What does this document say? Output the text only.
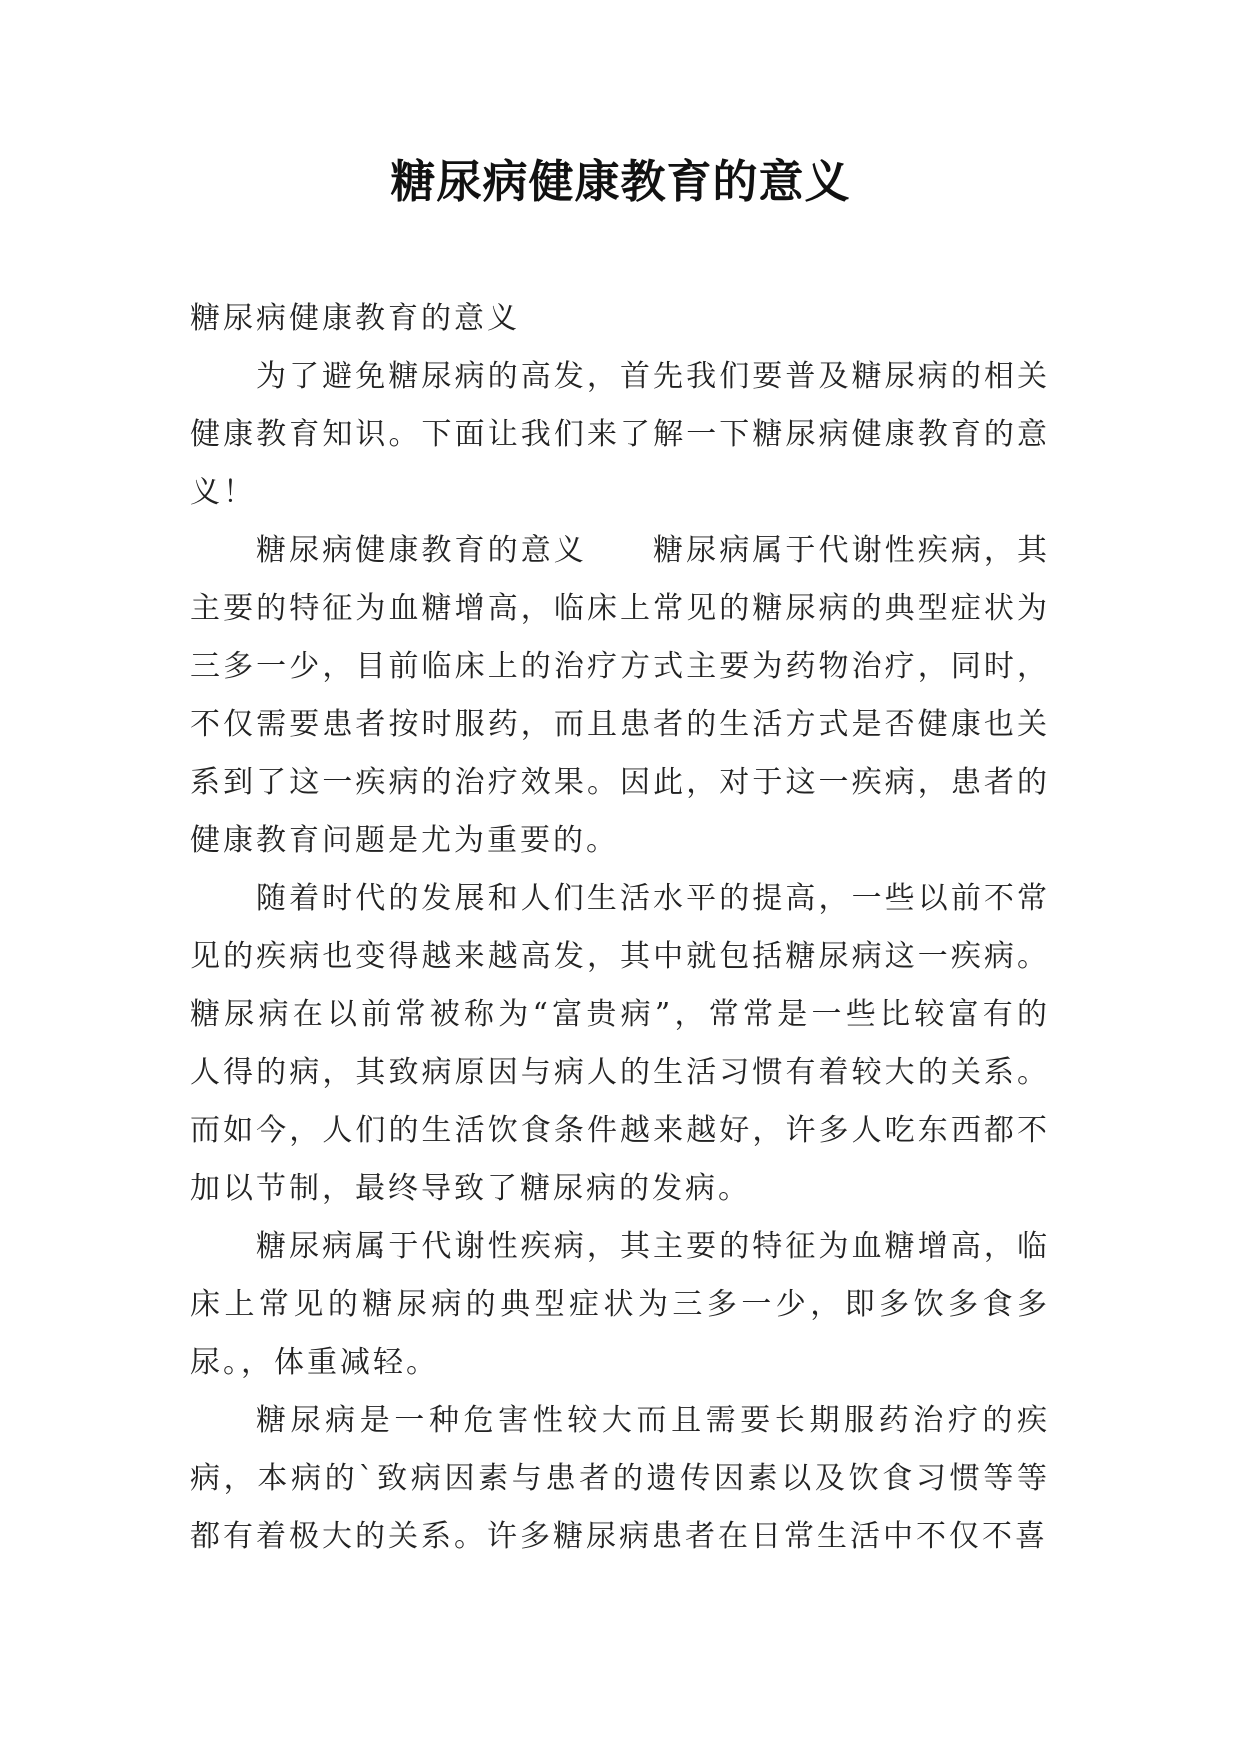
糖尿病健康教育的意义

糖尿病健康教育的意义

为了避免糖尿病的高发，首先我们要普及糖尿病的相关健康教育知识。下面让我们来了解一下糖尿病健康教育的意义！

糖尿病健康教育的意义　　糖尿病属于代谢性疾病，其主要的特征为血糖增高，临床上常见的糖尿病的典型症状为三多一少，目前临床上的治疗方式主要为药物治疗，同时，不仅需要患者按时服药，而且患者的生活方式是否健康也关系到了这一疾病的治疗效果。因此，对于这一疾病，患者的健康教育问题是尤为重要的。

随着时代的发展和人们生活水平的提高，一些以前不常见的疾病也变得越来越高发，其中就包括糖尿病这一疾病。糖尿病在以前常被称为“富贵病”，常常是一些比较富有的人得的病，其致病原因与病人的生活习惯有着较大的关系。而如今，人们的生活饮食条件越来越好，许多人吃东西都不加以节制，最终导致了糖尿病的发病。

糖尿病属于代谢性疾病，其主要的特征为血糖增高，临床上常见的糖尿病的典型症状为三多一少，即多饮多食多尿。，体重减轻。

糖尿病是一种危害性较大而且需要长期服药治疗的疾病，本病的`致病因素与患者的遗传因素以及饮食习惯等等都有着极大的关系。许多糖尿病患者在日常生活中不仅不喜
